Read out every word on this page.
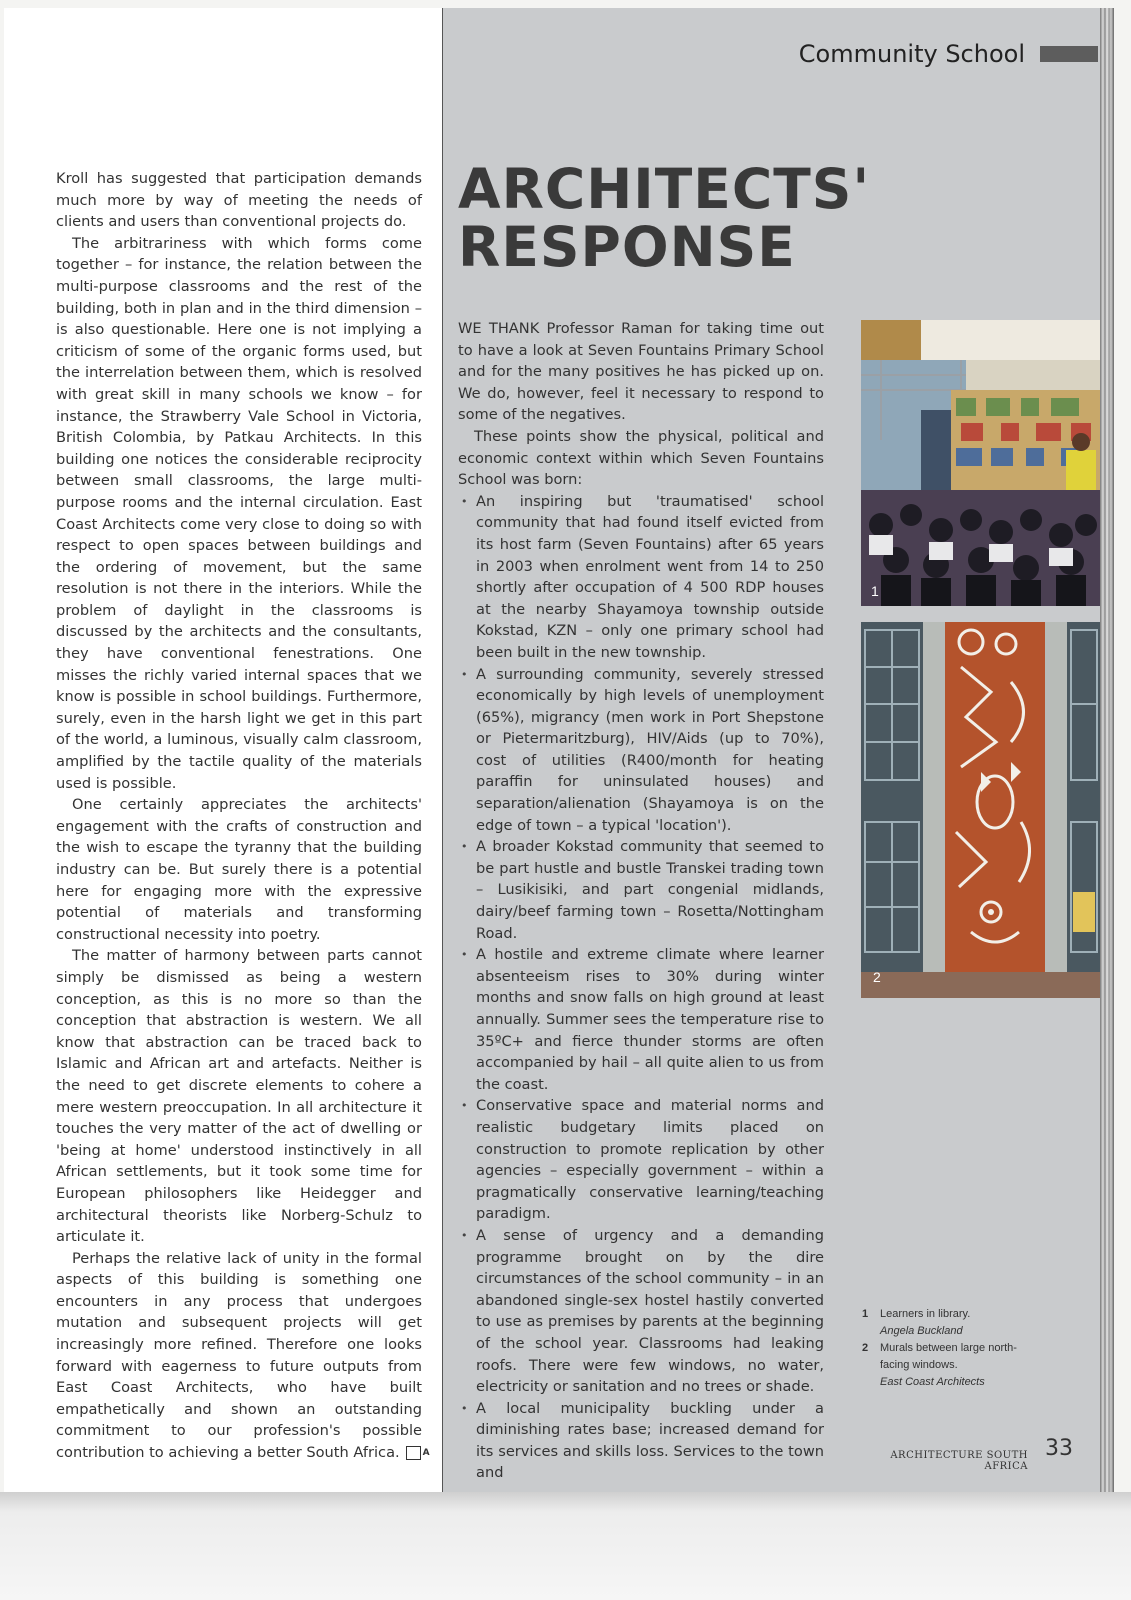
Community School

Kroll has suggested that participation demands much more by way of meeting the needs of clients and users than conventional projects do.

The arbitrariness with which forms come together – for instance, the relation between the multi-purpose classrooms and the rest of the building, both in plan and in the third dimension – is also questionable. Here one is not implying a criticism of some of the organic forms used, but the interrelation between them, which is resolved with great skill in many schools we know – for instance, the Strawberry Vale School in Victoria, British Colombia, by Patkau Architects. In this building one notices the considerable reciprocity between small classrooms, the large multi-purpose rooms and the internal circulation. East Coast Architects come very close to doing so with respect to open spaces between buildings and the ordering of movement, but the same resolution is not there in the interiors. While the problem of daylight in the classrooms is discussed by the architects and the consultants, they have conventional fenestrations. One misses the richly varied internal spaces that we know is possible in school buildings. Furthermore, surely, even in the harsh light we get in this part of the world, a luminous, visually calm classroom, amplified by the tactile quality of the materials used is possible.

One certainly appreciates the architects' engagement with the crafts of construction and the wish to escape the tyranny that the building industry can be. But surely there is a potential here for engaging more with the expressive potential of materials and transforming constructional necessity into poetry.

The matter of harmony between parts cannot simply be dismissed as being a western conception, as this is no more so than the conception that abstraction is western. We all know that abstraction can be traced back to Islamic and African art and artefacts. Neither is the need to get discrete elements to cohere a mere western preoccupation. In all architecture it touches the very matter of the act of dwelling or 'being at home' understood instinctively in all African settlements, but it took some time for European philosophers like Heidegger and architectural theorists like Norberg-Schulz to articulate it.

Perhaps the relative lack of unity in the formal aspects of this building is something one encounters in any process that undergoes mutation and subsequent projects will get increasingly more refined. Therefore one looks forward with eagerness to future outputs from East Coast Architects, who have built empathetically and shown an outstanding commitment to our profession's possible contribution to achieving a better South Africa.	A

ARCHITECTS'
RESPONSE

WE THANK Professor Raman for taking time out to have a look at Seven Fountains Primary School and for the many positives he has picked up on. We do, however, feel it necessary to respond to some of the negatives.

These points show the physical, political and economic context within which Seven Fountains School was born:

• An inspiring but 'traumatised' school community that had found itself evicted from its host farm (Seven Fountains) after 65 years in 2003 when enrolment went from 14 to 250 shortly after occupation of 4 500 RDP houses at the nearby Shayamoya township outside Kokstad, KZN – only one primary school had been built in the new township.
• A surrounding community, severely stressed economically by high levels of unemployment (65%), migrancy (men work in Port Shepstone or Pietermaritzburg), HIV/Aids (up to 70%), cost of utilities (R400/month for heating paraffin for uninsulated houses) and separation/alienation (Shayamoya is on the edge of town – a typical 'location').
• A broader Kokstad community that seemed to be part hustle and bustle Transkei trading town – Lusikisiki, and part congenial midlands, dairy/beef farming town – Rosetta/Nottingham Road.
• A hostile and extreme climate where learner absenteeism rises to 30% during winter months and snow falls on high ground at least annually. Summer sees the temperature rise to 35ºC+ and fierce thunder storms are often accompanied by hail – all quite alien to us from the coast.
• Conservative space and material norms and realistic budgetary limits placed on construction to promote replication by other agencies – especially government – within a pragmatically conservative learning/teaching paradigm.
• A sense of urgency and a demanding programme brought on by the dire circumstances of the school community – in an abandoned single-sex hostel hastily converted to use as premises by parents at the beginning of the school year. Classrooms had leaking roofs. There were few windows, no water, electricity or sanitation and no trees or shade.
• A local municipality buckling under a diminishing rates base; increased demand for its services and skills loss. Services to the town and
1
2
1	Learners in library.
Angela Buckland
2	Murals between large north-facing windows.
East Coast Architects
ARCHITECTURE SOUTH AFRICA
33
